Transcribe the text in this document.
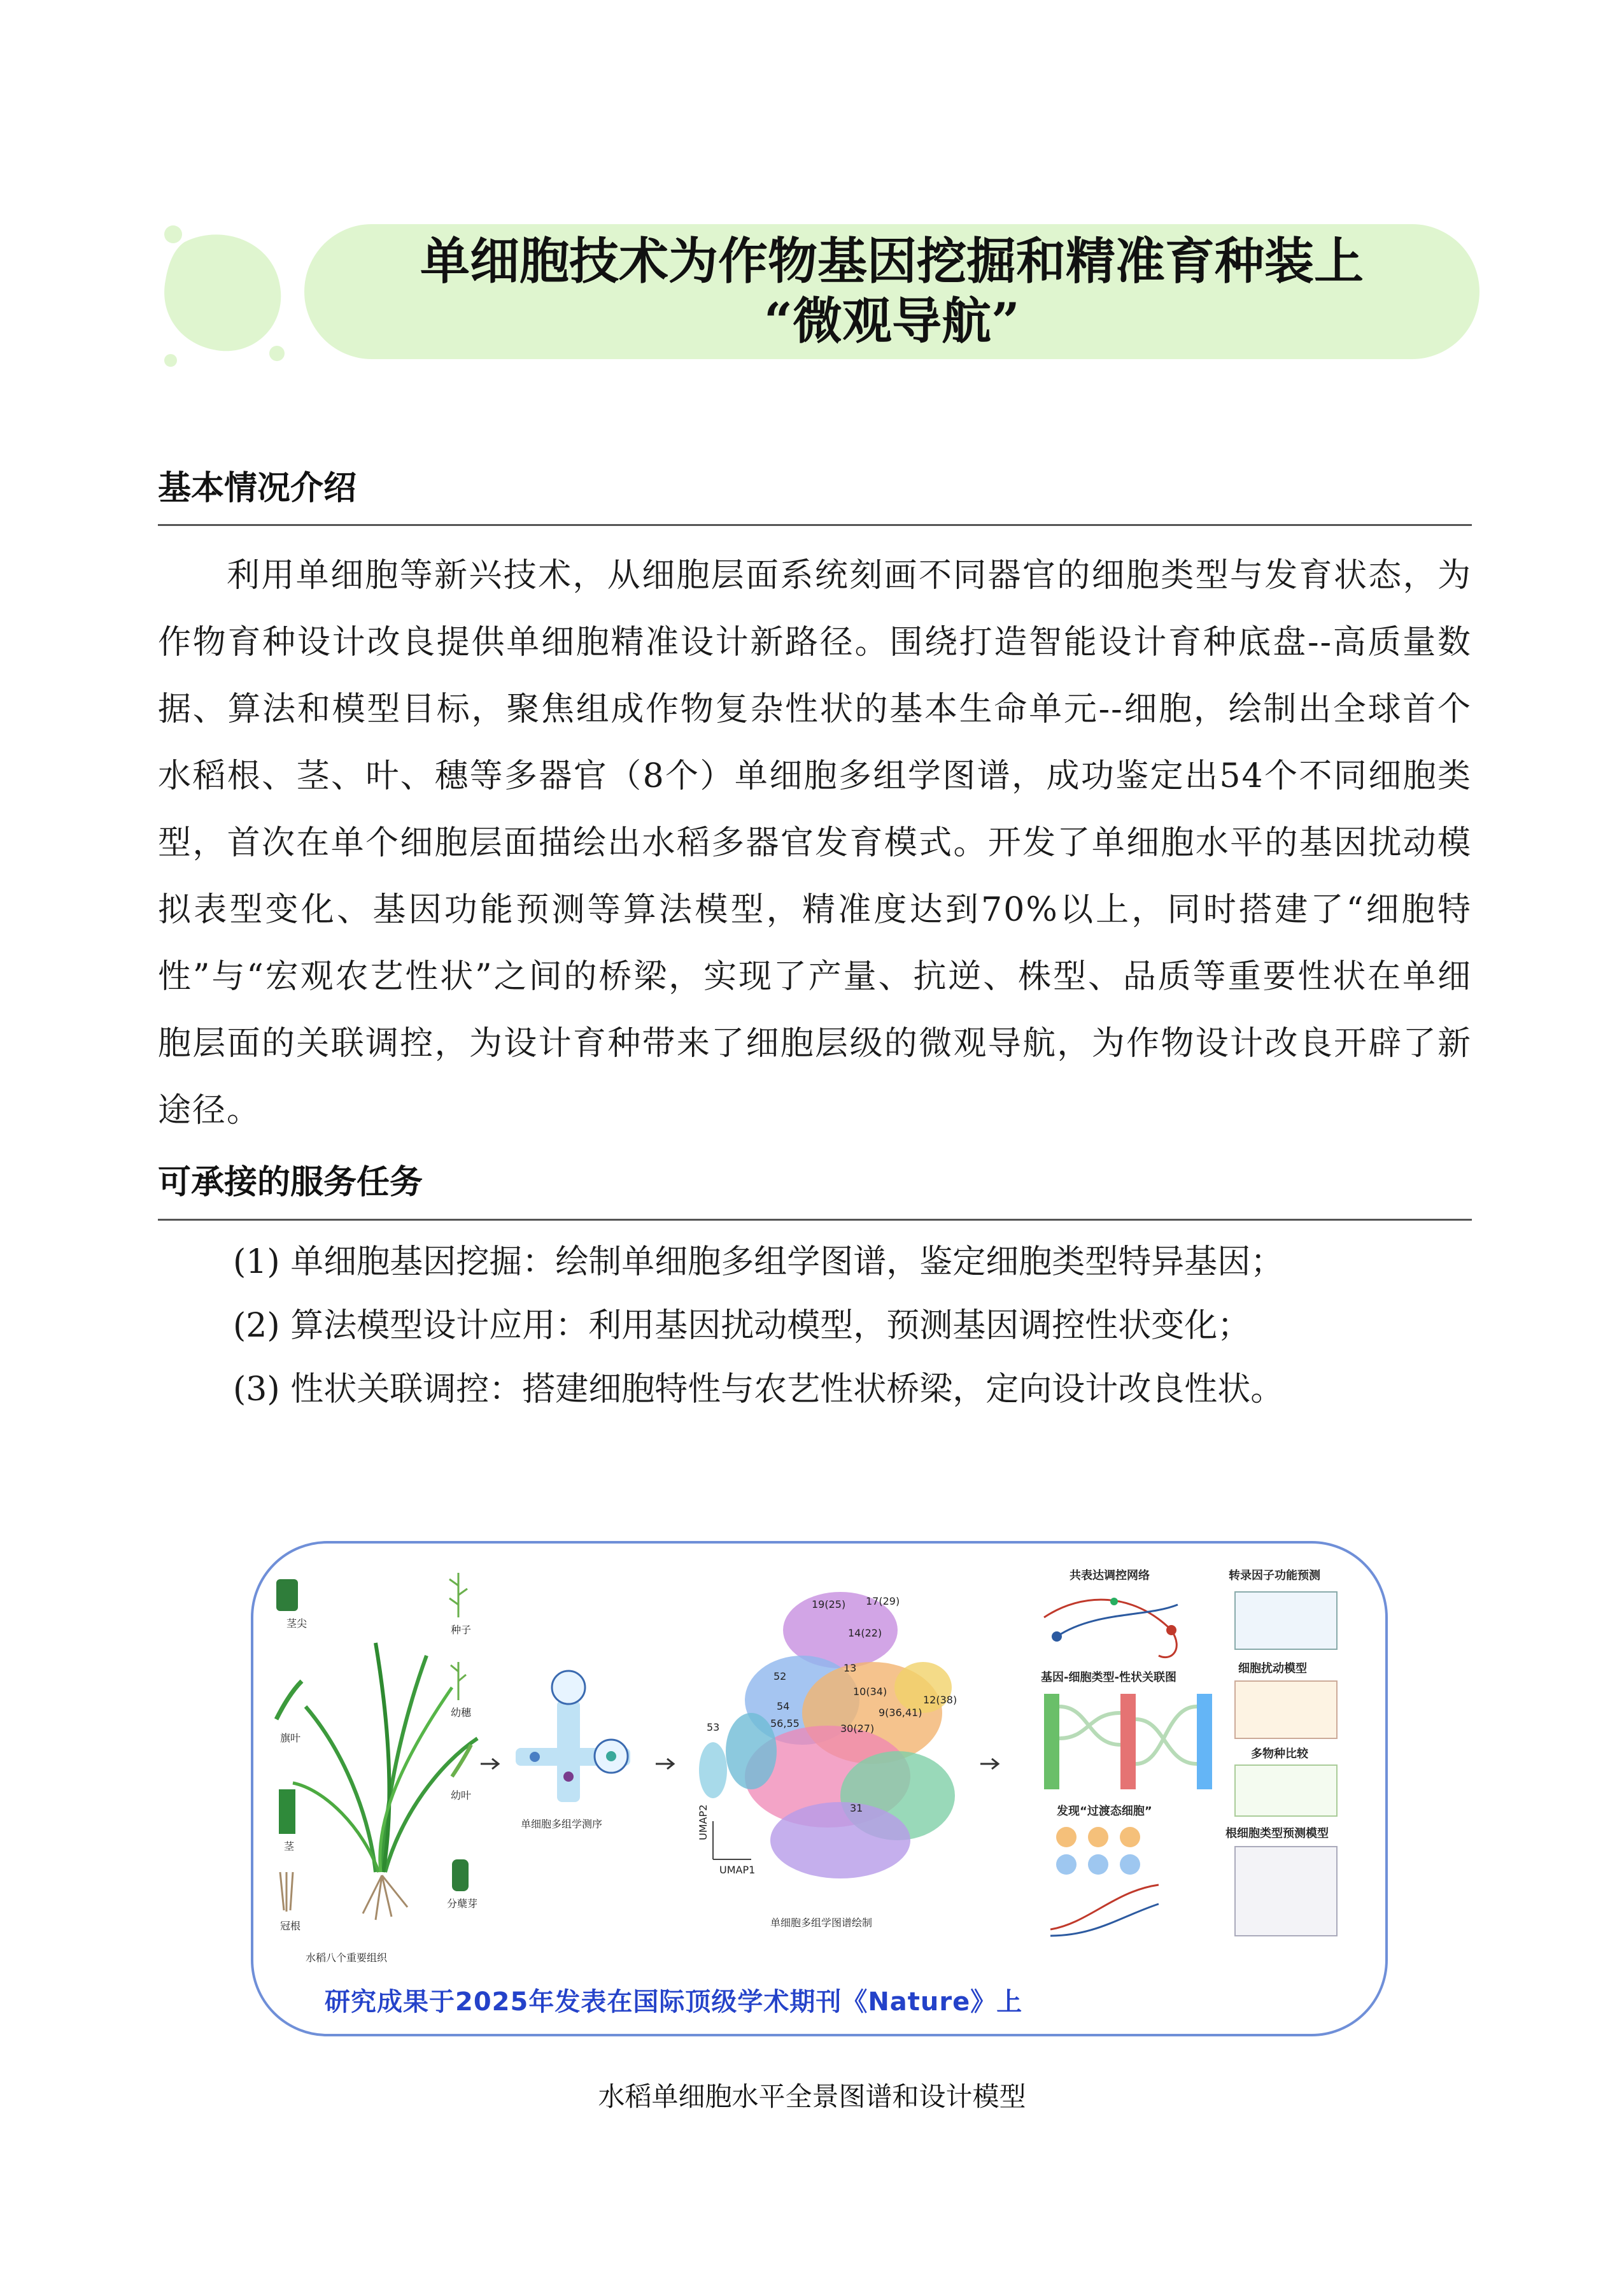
单细胞技术为作物基因挖掘和精准育种装上
“微观导航”
基本情况介绍
利用单细胞等新兴技术，从细胞层面系统刻画不同器官的细胞类型与发育状态，为作物育种设计改良提供单细胞精准设计新路径。围绕打造智能设计育种底盘--高质量数据、算法和模型目标，聚焦组成作物复杂性状的基本生命单元--细胞，绘制出全球首个水稻根、茎、叶、穗等多器官（8个）单细胞多组学图谱，成功鉴定出54个不同细胞类型，首次在单个细胞层面描绘出水稻多器官发育模式。开发了单细胞水平的基因扰动模拟表型变化、基因功能预测等算法模型，精准度达到70%以上，同时搭建了“细胞特性”与“宏观农艺性状”之间的桥梁，实现了产量、抗逆、株型、品质等重要性状在单细胞层面的关联调控，为设计育种带来了细胞层级的微观导航，为作物设计改良开辟了新途径。
可承接的服务任务
(1) 单细胞基因挖掘：绘制单细胞多组学图谱，鉴定细胞类型特异基因；
(2) 算法模型设计应用：利用基因扰动模型，预测基因调控性状变化；
(3) 性状关联调控：搭建细胞特性与农艺性状桥梁，定向设计改良性状。
茎尖
旗叶
茎
冠根
种子
幼穗
幼叶
分蘖芽
水稻八个重要组织
单细胞多组学测序
UMAP1
UMAP2
19(25) 17(29)
14(22)
13
10(34)
9(36,41)
30(27)
12(38)
52
54
56,55
53
31
单细胞多组学图谱绘制
共表达调控网络	转录因子功能预测
基因-细胞类型-性状关联图
细胞扰动模型
多物种比较
发现“过渡态细胞”
根细胞类型预测模型
研究成果于2025年发表在国际顶级学术期刊《Nature》上
水稻单细胞水平全景图谱和设计模型
